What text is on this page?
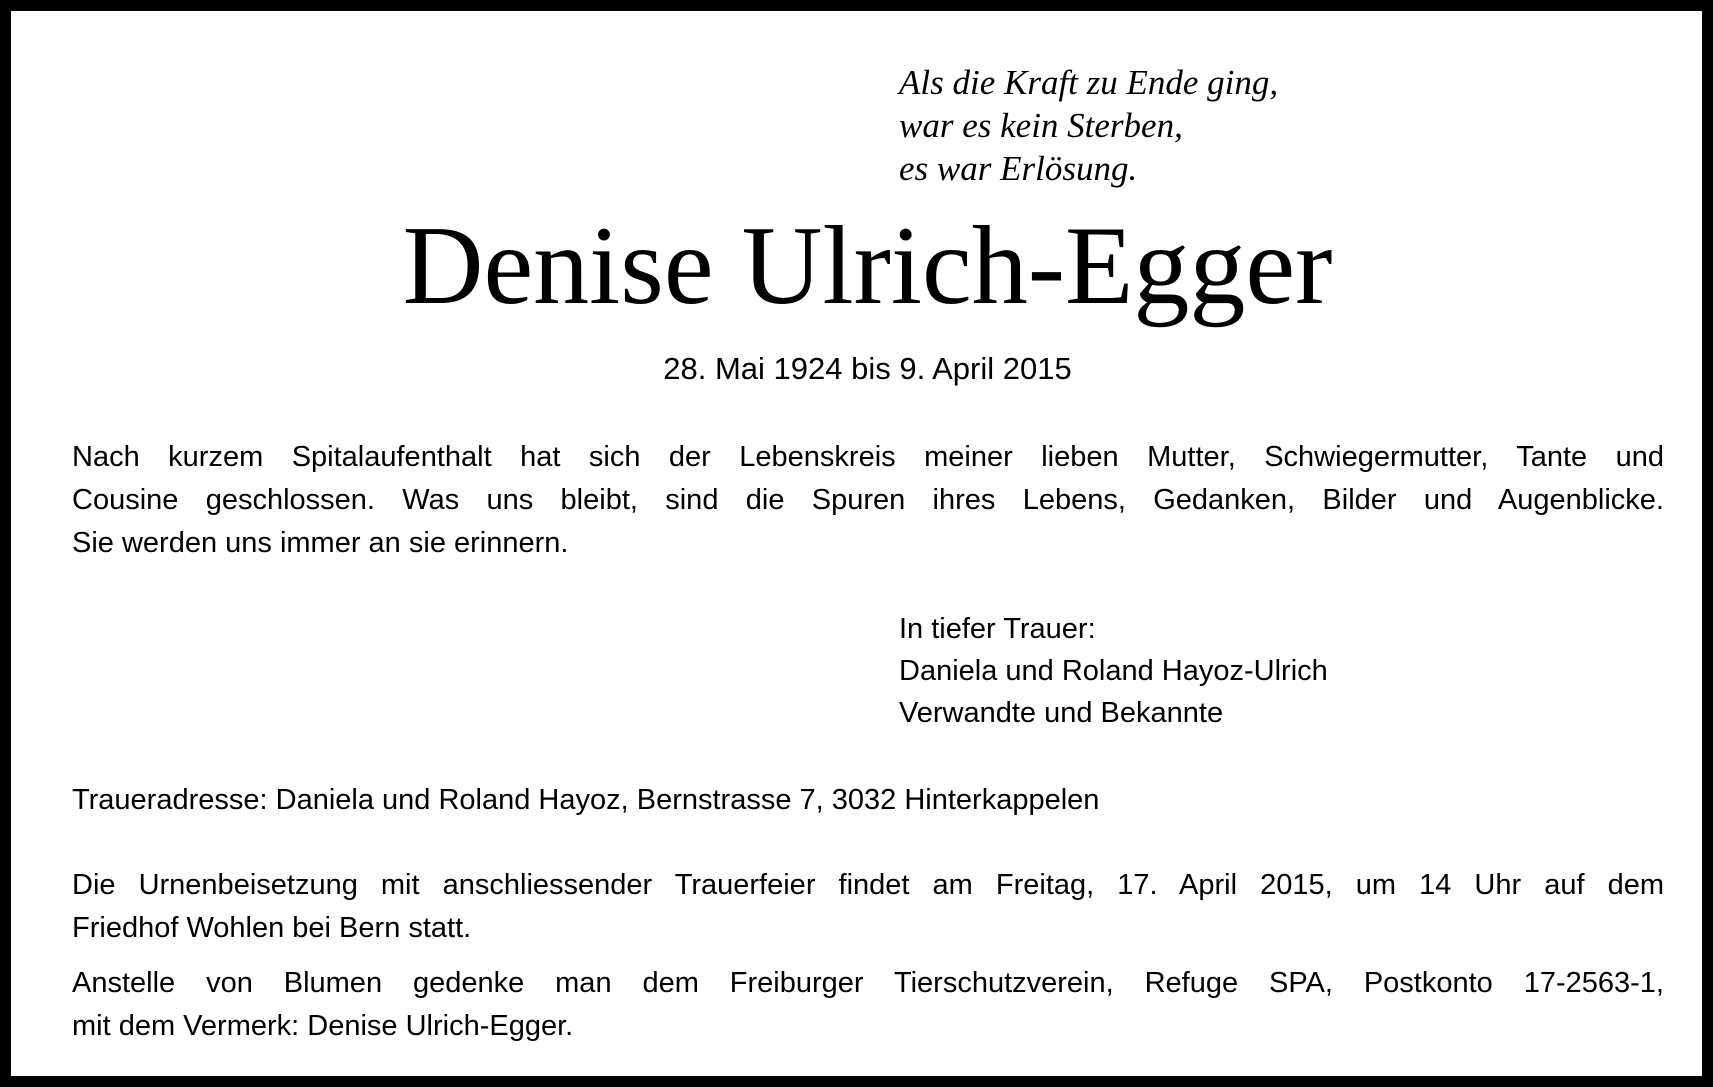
Als die Kraft zu Ende ging,
war es kein Sterben,
es war Erlösung.
Denise Ulrich-Egger
28. Mai 1924 bis 9. April 2015
Nach kurzem Spitalaufenthalt hat sich der Lebenskreis meiner lieben Mutter, Schwiegermutter, Tante und
Cousine geschlossen. Was uns bleibt, sind die Spuren ihres Lebens, Gedanken, Bilder und Augenblicke.
Sie werden uns immer an sie erinnern.
In tiefer Trauer:
Daniela und Roland Hayoz-Ulrich
Verwandte und Bekannte
Traueradresse: Daniela und Roland Hayoz, Bernstrasse 7, 3032 Hinterkappelen
Die Urnenbeisetzung mit anschliessender Trauerfeier findet am Freitag, 17. April 2015, um 14 Uhr auf dem
Friedhof Wohlen bei Bern statt.
Anstelle von Blumen gedenke man dem Freiburger Tierschutzverein, Refuge SPA, Postkonto 17-2563-1,
mit dem Vermerk: Denise Ulrich-Egger.
